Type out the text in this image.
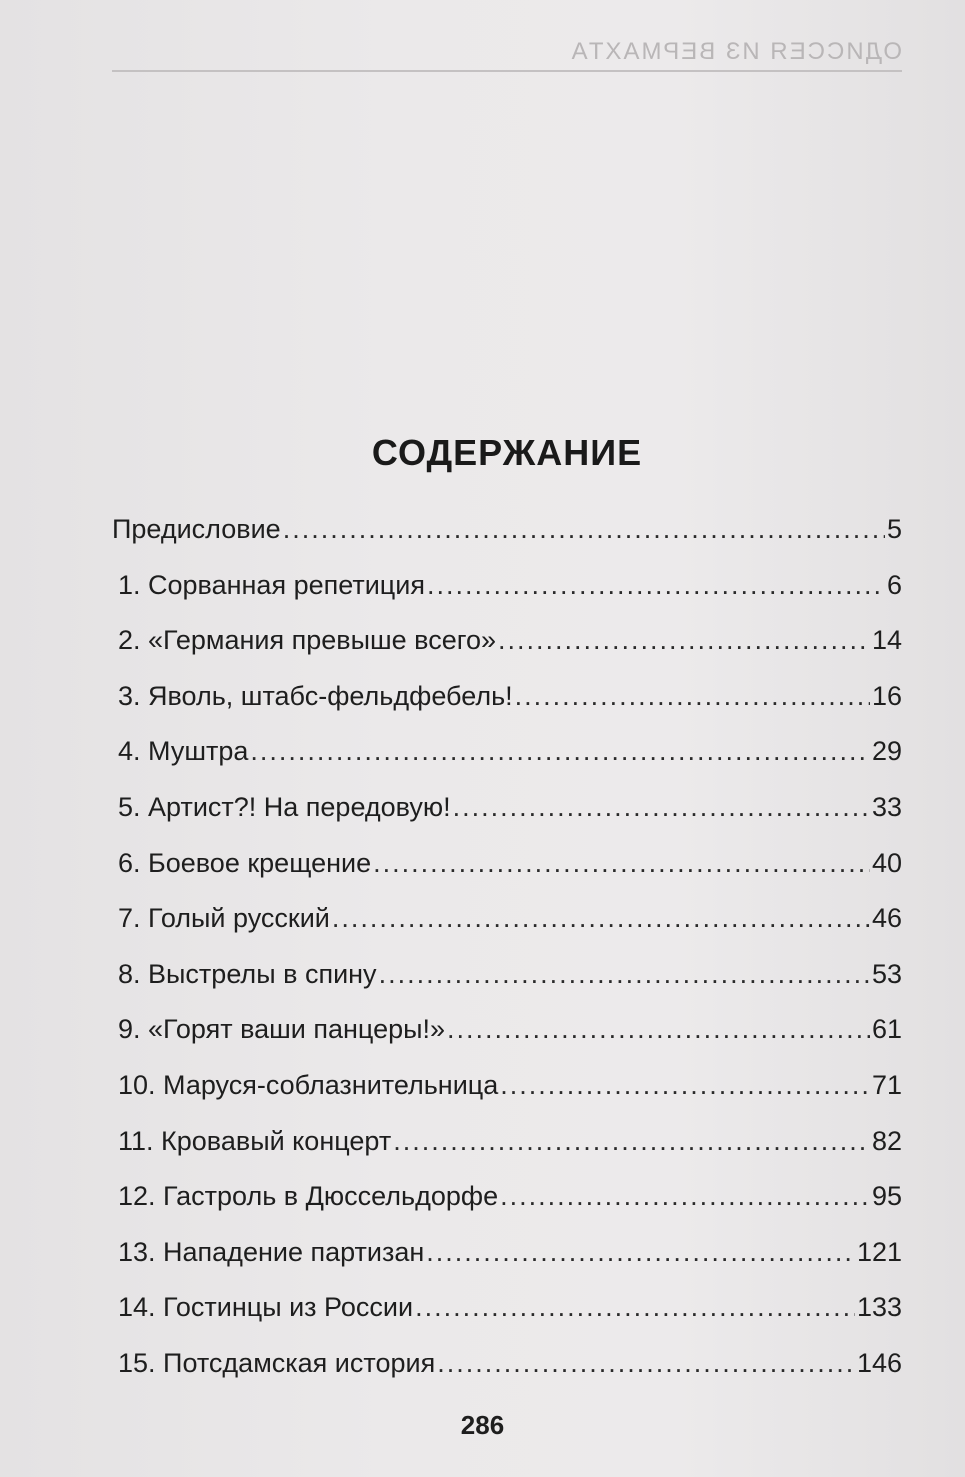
ОДИССЕЯ ИЗ ВЕРМАХТА
СОДЕРЖАНИЕ
Предисловие .....	5
1. Сорванная репетиция .....	6
2. «Германия превыше всего» .....	14
3. Яволь, штабс-фельдфебель! .....	16
4. Муштра .....	29
5. Артист?! На передовую! .....	33
6. Боевое крещение .....	40
7. Голый русский .....	46
8. Выстрелы в спину .....	53
9. «Горят ваши панцеры!» .....	61
10. Маруся-соблазнительница .....	71
11. Кровавый концерт .....	82
12. Гастроль в Дюссельдорфе .....	95
13. Нападение партизан .....	121
14. Гостинцы из России .....	133
15. Потсдамская история .....	146
286
